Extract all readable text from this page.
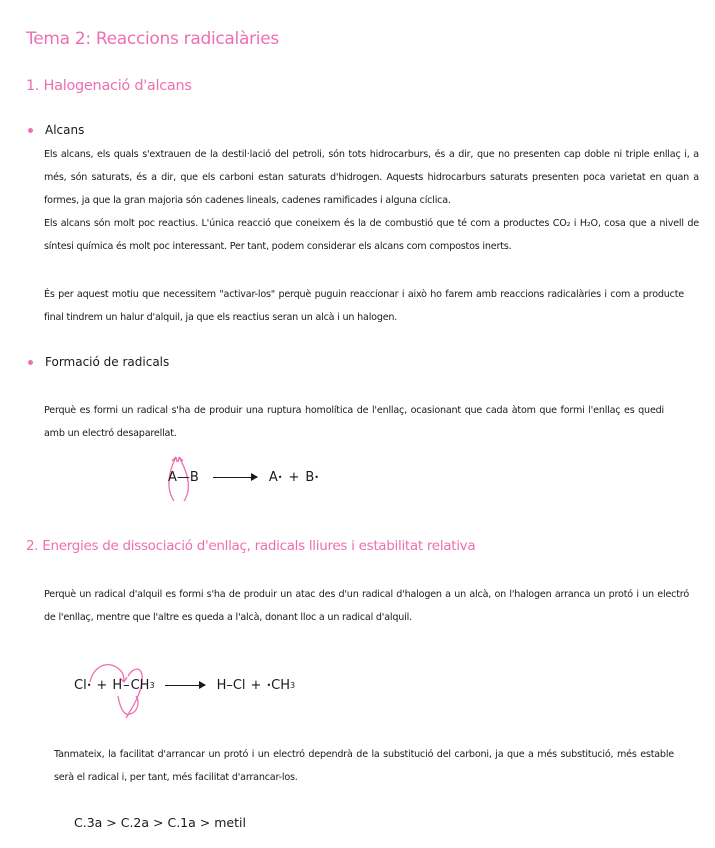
Tema 2: Reaccions radicalàries
1. Halogenació d'alcans
Alcans

Els alcans, els quals s'extrauen de la destil·lació del petroli, són tots hidrocarburs, és a dir, que no presenten cap doble ni triple enllaç i, a més, són saturats, és a dir, que els carboni estan saturats d'hidrogen. Aquests hidrocarburs saturats presenten poca varietat en quan a formes, ja que la gran majoria són cadenes lineals, cadenes ramificades i alguna cíclica.

Els alcans són molt poc reactius. L'única reacció que coneixem és la de combustió que té com a productes CO₂ i H₂O, cosa que a nivell de síntesi química és molt poc interessant. Per tant, podem considerar els alcans com compostos inerts.

És per aquest motiu que necessitem "activar-los" perquè puguin reaccionar i això ho farem amb reaccions radicalàries i com a producte final tindrem un halur d'alquil, ja que els reactius seran un alcà i un halogen.

Formació de radicals

Perquè es formi un radical s'ha de produir una ruptura homolítica de l'enllaç, ocasionant que cada àtom que formi l'enllaç es quedi amb un electró desaparellat.

A—B → A • + B •
2. Energies de dissociació d'enllaç, radicals lliures i estabilitat relativa

Perquè un radical d'alquil es formi s'ha de produir un atac des d'un radical d'halogen a un alcà, on l'halogen arranca un protó i un electró de l'enllaç, mentre que l'altre es queda a l'alcà, donant lloc a un radical d'alquil.

Cl • + H – CH 3 → H–Cl + • CH 3

Tanmateix, la facilitat d'arrancar un protó i un electró dependrà de la substitució del carboni, ja que a més substitució, més estable serà el radical i, per tant, més facilitat d'arrancar-los.

C.3a > C.2a > C.1a > metil
